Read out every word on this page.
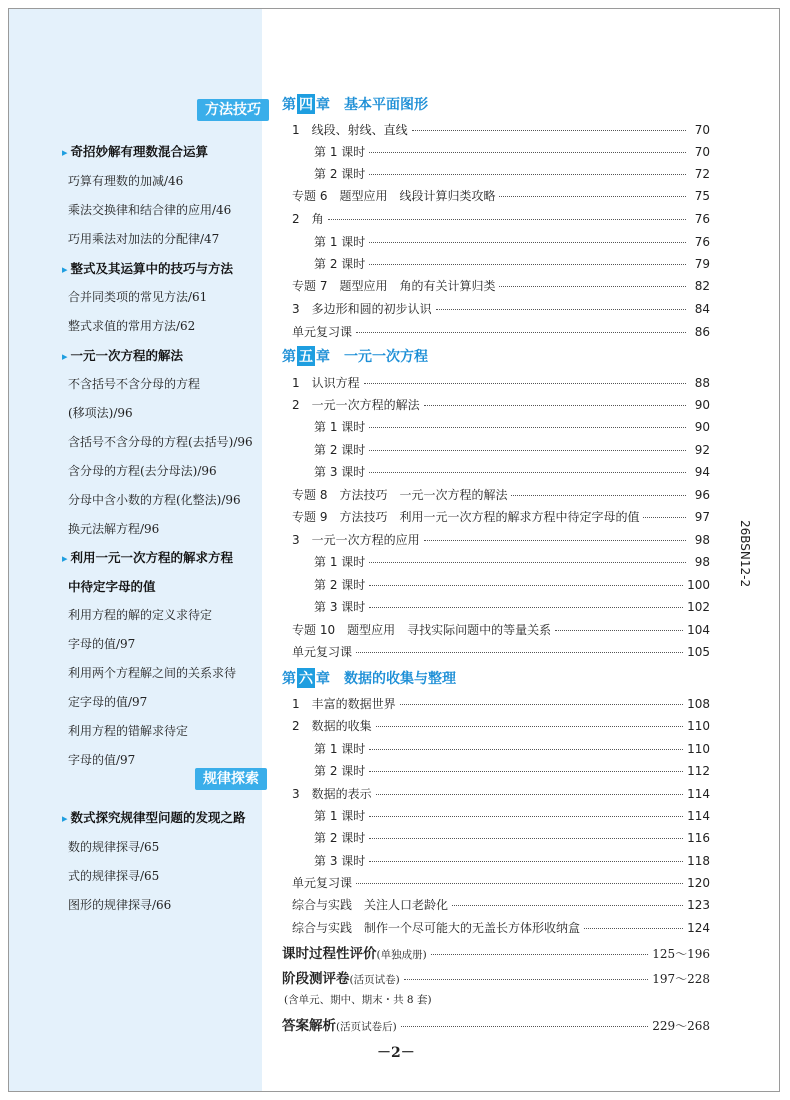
方法技巧
规律探索
▸ 奇招妙解有理数混合运算
巧算有理数的加减/46
乘法交换律和结合律的应用/46
巧用乘法对加法的分配律/47
▸ 整式及其运算中的技巧与方法
合并同类项的常见方法/61
整式求值的常用方法/62
▸ 一元一次方程的解法
不含括号不含分母的方程
(移项法)/96
含括号不含分母的方程(去括号)/96
含分母的方程(去分母法)/96
分母中含小数的方程(化整法)/96
换元法解方程/96
▸ 利用一元一次方程的解求方程
中待定字母的值
利用方程的解的定义求待定
字母的值/97
利用两个方程解之间的关系求待
定字母的值/97
利用方程的错解求待定
字母的值/97
▸ 数式探究规律型问题的发现之路
数的规律探寻/65
式的规律探寻/65
图形的规律探寻/66
第 四 章 基本平面图形
1　线段、射线、直线	70
第 1 课时	70
第 2 课时	72
专题 6　题型应用　线段计算归类攻略	75
2　角	76
第 1 课时	76
第 2 课时	79
专题 7　题型应用　角的有关计算归类	82
3　多边形和圆的初步认识	84
单元复习课	86
第 五 章 一元一次方程
1　认识方程	88
2　一元一次方程的解法	90
第 1 课时	90
第 2 课时	92
第 3 课时	94
专题 8　方法技巧　一元一次方程的解法	96
专题 9　方法技巧　利用一元一次方程的解求方程中待定字母的值	97
3　一元一次方程的应用	98
第 1 课时	98
第 2 课时	100
第 3 课时	102
专题 10　题型应用　寻找实际问题中的等量关系	104
单元复习课	105
第 六 章 数据的收集与整理
1　丰富的数据世界	108
2　数据的收集	110
第 1 课时	110
第 2 课时	112
3　数据的表示	114
第 1 课时	114
第 2 课时	116
第 3 课时	118
单元复习课	120
综合与实践　关注人口老龄化	123
综合与实践　制作一个尽可能大的无盖长方体形收纳盒	124
课时过程性评价(单独成册)	125～196
阶段测评卷(活页试卷)	197～228
(含单元、期中、期末・共 8 套)
答案解析(活页试卷后)	229～268
－2－
26BSN12-2
